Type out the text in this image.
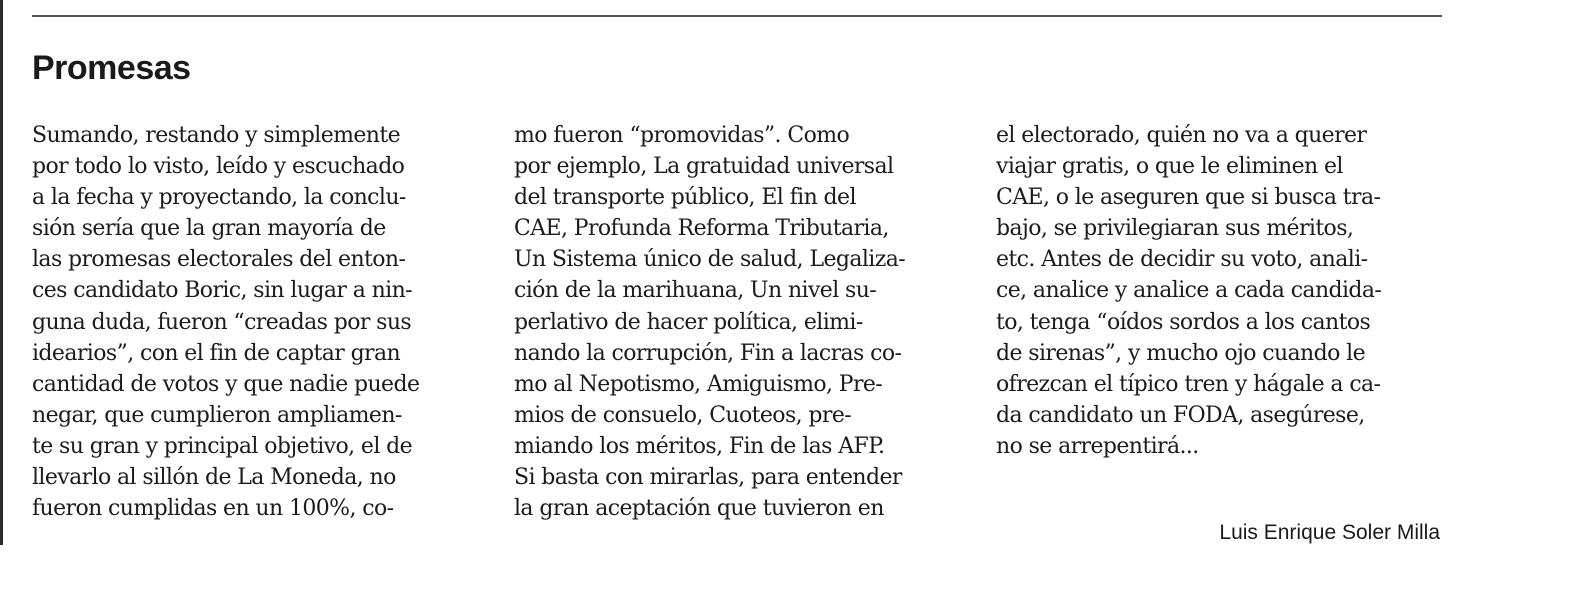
Promesas
Sumando, restando y simplemente
por todo lo visto, leído y escuchado
a la fecha y proyectando, la conclu-
sión sería que la gran mayoría de
las promesas electorales del enton-
ces candidato Boric, sin lugar a nin-
guna duda, fueron “creadas por sus
idearios”, con el fin de captar gran
cantidad de votos y que nadie puede
negar, que cumplieron ampliamen-
te su gran y principal objetivo, el de
llevarlo al sillón de La Moneda, no
fueron cumplidas en un 100%, co-
mo fueron “promovidas”. Como
por ejemplo, La gratuidad universal
del transporte público, El fin del
CAE, Profunda Reforma Tributaria,
Un Sistema único de salud, Legaliza-
ción de la marihuana, Un nivel su-
perlativo de hacer política, elimi-
nando la corrupción, Fin a lacras co-
mo al Nepotismo, Amiguismo, Pre-
mios de consuelo, Cuoteos, pre-
miando los méritos, Fin de las AFP.
Si basta con mirarlas, para entender
la gran aceptación que tuvieron en
el electorado, quién no va a querer
viajar gratis, o que le eliminen el
CAE, o le aseguren que si busca tra-
bajo, se privilegiaran sus méritos,
etc. Antes de decidir su voto, anali-
ce, analice y analice a cada candida-
to, tenga “oídos sordos a los cantos
de sirenas”, y mucho ojo cuando le
ofrezcan el típico tren y hágale a ca-
da candidato un FODA, asegúrese,
no se arrepentirá...

Luis Enrique Soler Milla
